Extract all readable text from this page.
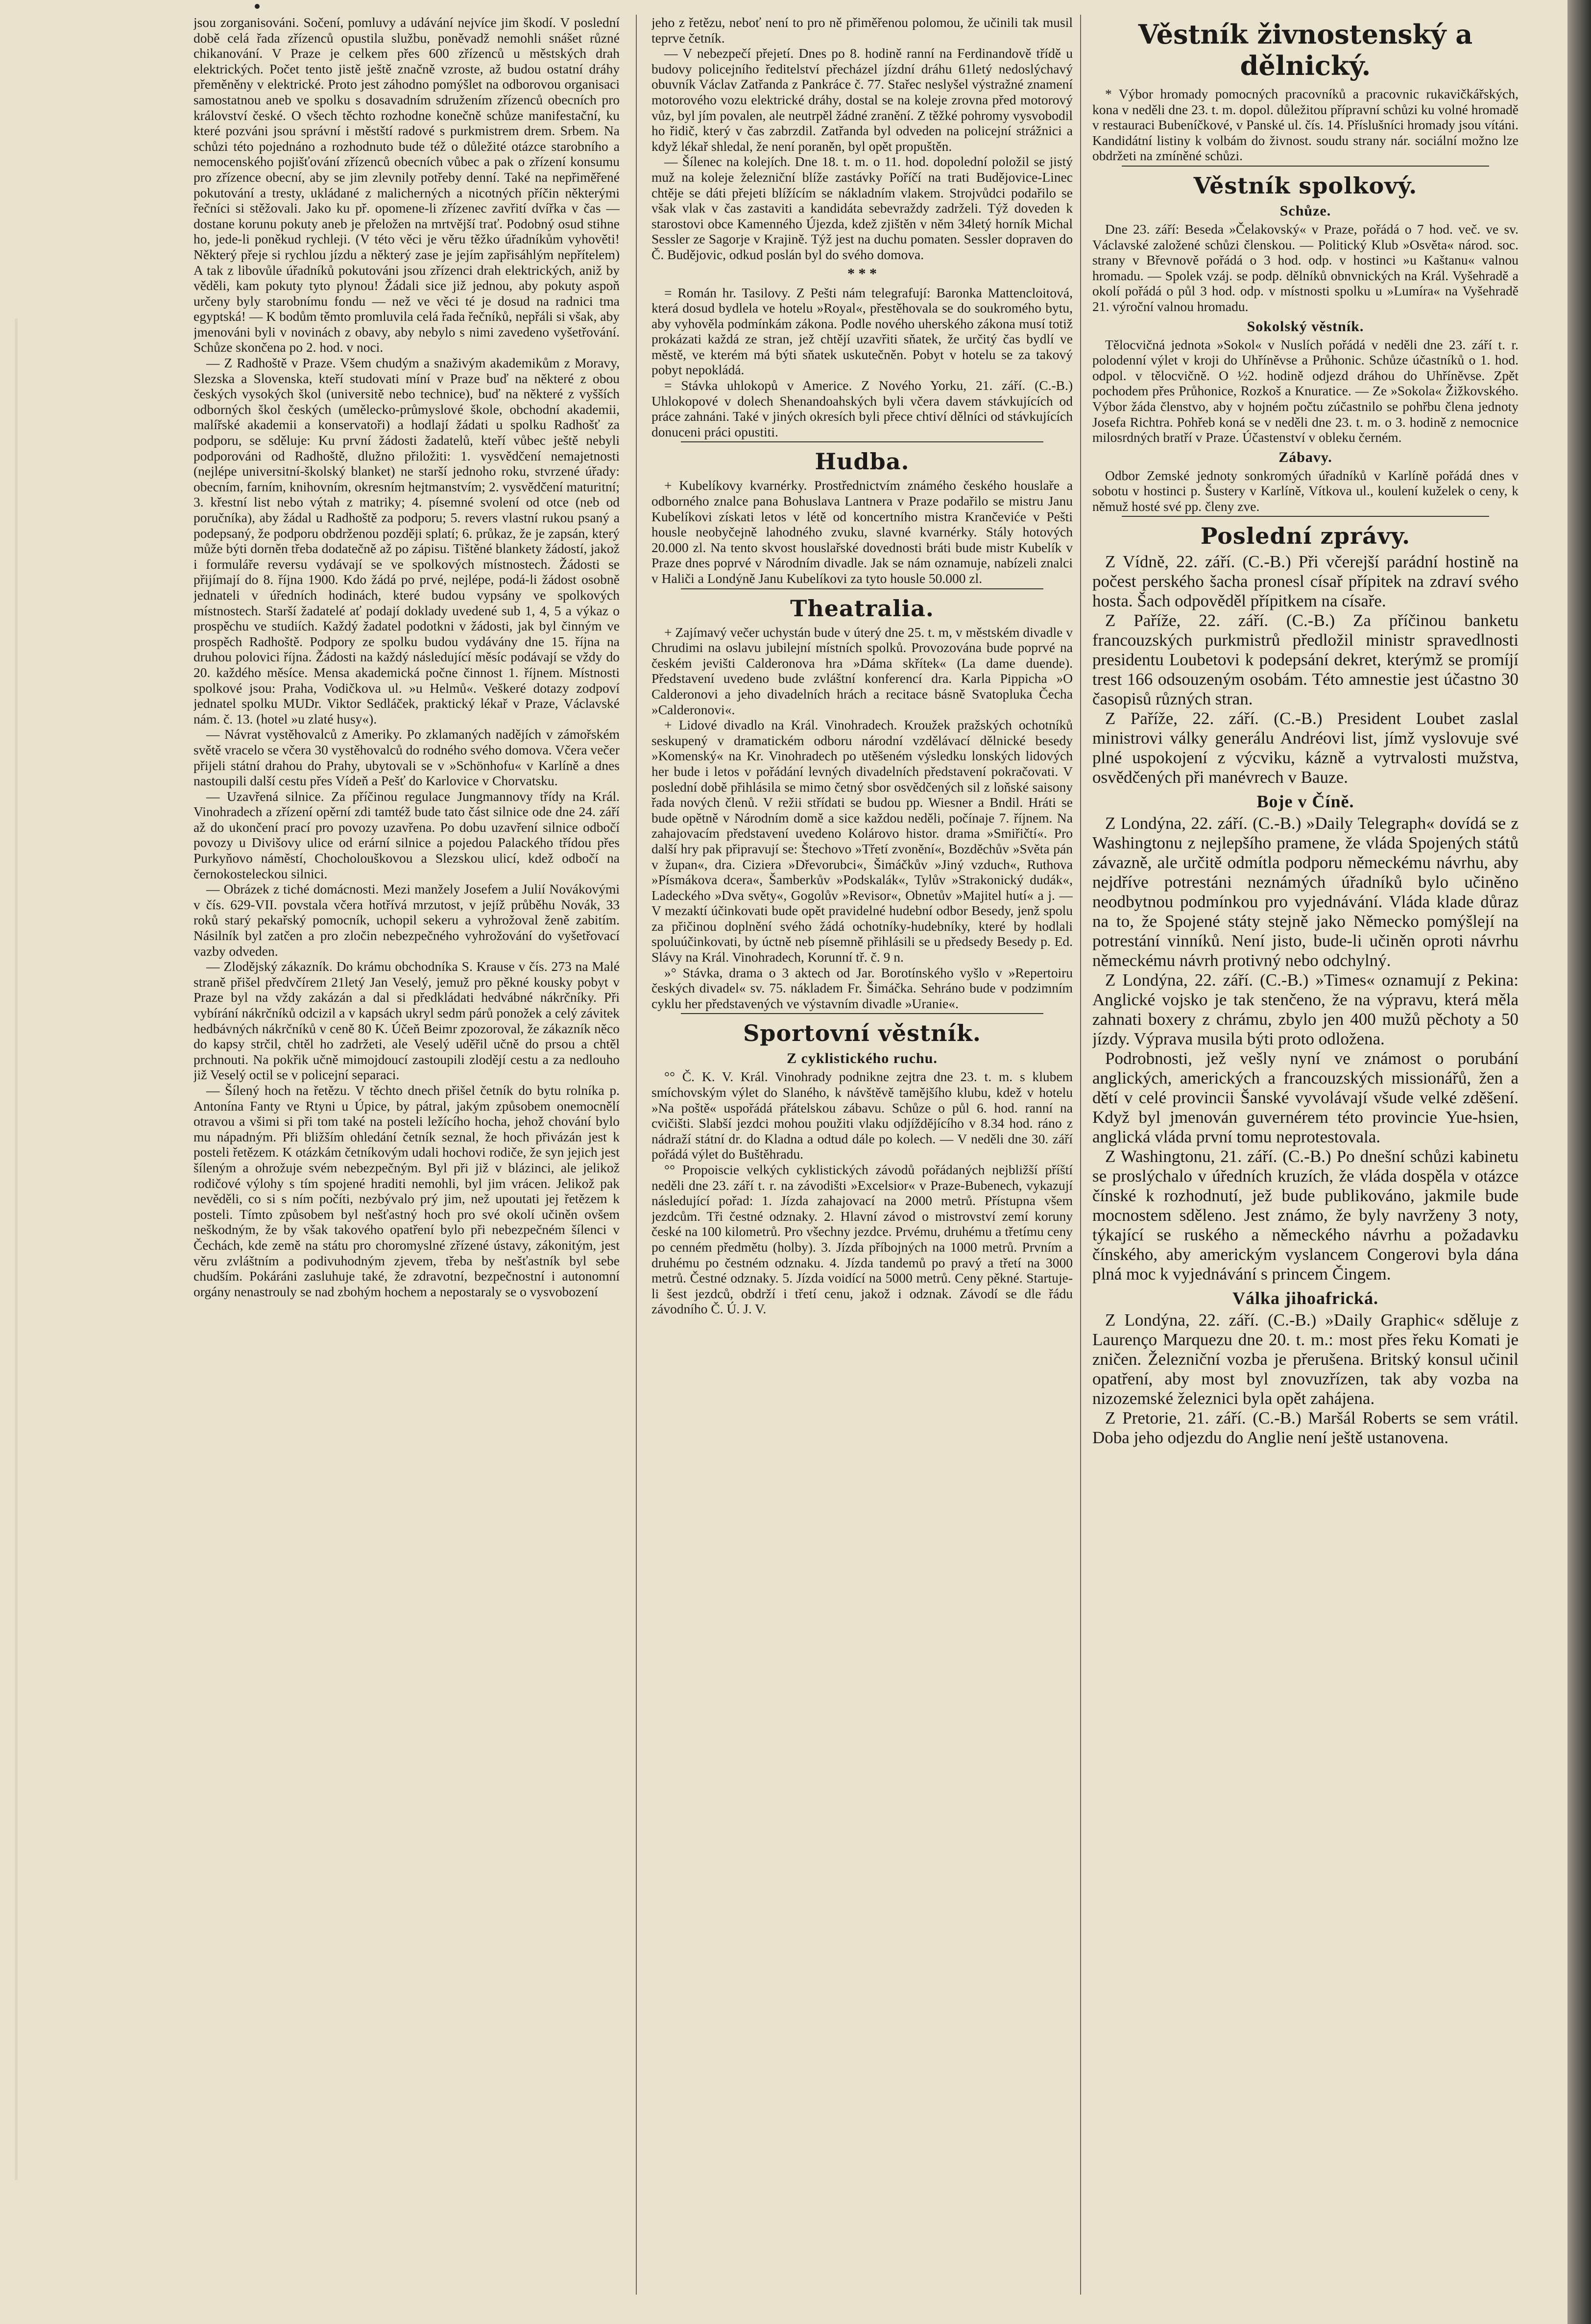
jsou zorganisováni. Sočení, pomluvy a udávání nejvíce jim škodí. V poslední době celá řada zřízenců opustila službu, poněvadž nemohli snášet různé chikanování. V Praze je celkem přes 600 zřízenců u městských drah elektrických. Počet tento jistě ještě značně vzroste, až budou ostatní dráhy přeměněny v elektrické. Proto jest záhodno pomýšlet na odborovou organisaci samostatnou aneb ve spolku s dosavadním sdružením zřízenců obecních pro království české. O všech těchto rozhodne konečně schůze manifestační, ku které pozváni jsou správní i městští radové s purkmistrem drem. Srbem. Na schůzi této pojednáno a rozhodnuto bude též o důležité otázce starobního a nemocenského pojišťování zřízenců obecních vůbec a pak o zřízení konsumu pro zřízence obecní, aby se jim zlevnily potřeby denní. Také na nepřiměřené pokutování a tresty, ukládané z malicherných a nicotných příčin některými řečníci si stěžovali. Jako ku př. opomene-li zřízenec zavřití dvířka v čas — dostane korunu pokuty aneb je přeložen na mrtvější trať. Podobný osud stihne ho, jede-li poněkud rychleji. (V této věci je věru těžko úřadníkům vyhověti! Některý přeje si rychlou jízdu a některý zase je jejím zapřisáhlým nepřítelem) A tak z libovůle úřadníků pokutováni jsou zřízenci drah elektrických, aniž by věděli, kam pokuty tyto plynou! Žádali sice již jednou, aby pokuty aspoň určeny byly starobnímu fondu — než ve věci té je dosud na radnici tma egyptská! — K bodům těmto promluvila celá řada řečníků, nepřáli si však, aby jmenováni byli v novinách z obavy, aby nebylo s nimi zavedeno vyšetřování. Schůze skončena po 2. hod. v noci.

— Z Radhoště v Praze. Všem chudým a snaživým akademikům z Moravy, Slezska a Slovenska, kteří studovati míní v Praze buď na některé z obou českých vysokých škol (universitě nebo technice), buď na některé z vyšších odborných škol českých (umělecko-průmyslové škole, obchodní akademii, malířské akademii a konservatoři) a hodlají žádati u spolku Radhošť za podporu, se sděluje: Ku první žádosti žadatelů, kteří vůbec ještě nebyli podporováni od Radhoště, dlužno přiložiti: 1. vysvědčení nemajetnosti (nejlépe universitní-školský blanket) ne starší jednoho roku, stvrzené úřady: obecním, farním, knihovním, okresním hejtmanstvím; 2. vysvědčení maturitní; 3. křestní list nebo výtah z matriky; 4. písemné svolení od otce (neb od poručníka), aby žádal u Radhoště za podporu; 5. revers vlastní rukou psaný a podepsaný, že podporu obdrženou později splatí; 6. průkaz, že je zapsán, který může býti dorněn třeba dodatečně až po zápisu. Tištěné blankety žádostí, jakož i formuláře reversu vydávají se ve spolkových místnostech. Žádosti se přijímají do 8. října 1900. Kdo žádá po prvé, nejlépe, podá-li žádost osobně jednateli v úředních hodinách, které budou vypsány ve spolkových místnostech. Starší žadatelé ať podají doklady uvedené sub 1, 4, 5 a výkaz o prospěchu ve studiích. Každý žadatel podotkni v žádosti, jak byl činným ve prospěch Radhoště. Podpory ze spolku budou vydávány dne 15. října na druhou polovici října. Žádosti na každý následující měsíc podávají se vždy do 20. každého měsíce. Mensa akademická počne činnost 1. říjnem. Místnosti spolkové jsou: Praha, Vodičkova ul. »u Helmů«. Veškeré dotazy zodpoví jednatel spolku MUDr. Viktor Sedláček, praktický lékař v Praze, Václavské nám. č. 13. (hotel »u zlaté husy«).

— Návrat vystěhovalců z Ameriky. Po zklamaných nadějích v zámořském světě vracelo se včera 30 vystěhovalců do rodného svého domova. Včera večer přijeli státní drahou do Prahy, ubytovali se v »Schönhofu« v Karlíně a dnes nastoupili další cestu přes Vídeň a Pešť do Karlovice v Chorvatsku.

— Uzavřená silnice. Za příčinou regulace Jungmannovy třídy na Král. Vinohradech a zřízení opěrní zdi tamtéž bude tato část silnice ode dne 24. září až do ukončení prací pro povozy uzavřena. Po dobu uzavření silnice odbočí povozy u Divišovy ulice od erární silnice a pojedou Palackého třídou přes Purkyňovo náměstí, Chocholouškovou a Slezskou ulicí, kdež odbočí na černokosteleckou silnici.

— Obrázek z tiché domácnosti. Mezi manžely Josefem a Julií Novákovými v čís. 629-VII. povstala včera hotřívá mrzutost, v jejíž průběhu Novák, 33 roků starý pekařský pomocník, uchopil sekeru a vyhrožoval ženě zabitím. Násilník byl zatčen a pro zločin nebezpečného vyhrožování do vyšetřovací vazby odveden.

— Zlodějský zákazník. Do krámu obchodníka S. Krause v čís. 273 na Malé straně přišel předvčírem 21letý Jan Veselý, jemuž pro pěkné kousky pobyt v Praze byl na vždy zakázán a dal si předkládati hedvábné nákrčníky. Při vybírání nákrčníků odcizil a v kapsách ukryl sedm párů ponožek a celý závitek hedbávných nákrčníků v ceně 80 K. Účeň Beimr zpozoroval, že zákazník něco do kapsy strčil, chtěl ho zadržeti, ale Veselý uděřil učně do prsou a chtěl prchnouti. Na pokřik učně mimojdoucí zastoupili zlodějí cestu a za nedlouho již Veselý octil se v policejní separaci.

— Šílený hoch na řetězu. V těchto dnech přišel četník do bytu rolníka p. Antonína Fanty ve Rtyni u Úpice, by pátral, jakým způsobem onemocnělí otravou a všimi si při tom také na posteli ležícího hocha, jehož chování bylo mu nápadným. Při bližším ohledání četník seznal, že hoch přivázán jest k posteli řetězem. K otázkám četníkovým udali hochovi rodiče, že syn jejich jest šíleným a ohrožuje svém nebezpečným. Byl při již v blázinci, ale jelikož rodičové výlohy s tím spojené hraditi nemohli, byl jim vrácen. Jelikož pak nevěděli, co si s ním počíti, nezbývalo prý jim, než upoutati jej řetězem k posteli. Tímto způsobem byl nešťastný hoch pro své okolí učiněn ovšem neškodným, že by však takového opatření bylo při nebezpečném šílenci v Čechách, kde země na státu pro choromyslné zřízené ústavy, zákonitým, jest věru zvláštním a podivuhodným zjevem, třeba by nešťastník byl sebe chudším. Pokáráni zasluhuje také, že zdravotní, bezpečnostní i autonomní orgány nenastrouly se nad zbohým hochem a nepostaraly se o vysvobození

jeho z řetězu, neboť není to pro ně přiměřenou polomou, že učinili tak musil teprve četník.

— V nebezpečí přejetí. Dnes po 8. hodině ranní na Ferdinandově třídě u budovy policejního ředitelství přecházel jízdní dráhu 61letý nedoslýchavý obuvník Václav Zatřanda z Pankráce č. 77. Stařec neslyšel výstražné znamení motorového vozu elektrické dráhy, dostal se na koleje zrovna před motorový vůz, byl jím povalen, ale neutrpěl žádné zranění. Z těžké pohromy vysvobodil ho řidič, který v čas zabrzdil. Zatřanda byl odveden na policejní strážnici a když lékař shledal, že není poraněn, byl opět propuštěn.

— Šílenec na kolejích. Dne 18. t. m. o 11. hod. dopolední položil se jistý muž na koleje železniční blíže zastávky Poříčí na trati Budějovice-Linec chtěje se dáti přejeti blížícím se nákladním vlakem. Strojvůdci podařilo se však vlak v čas zastaviti a kandidáta sebevraždy zadrželi. Týž doveden k starostovi obce Kamenného Újezda, kdež zjištěn v něm 34letý horník Michal Sessler ze Sagorje v Krajině. Týž jest na duchu pomaten. Sessler dopraven do Č. Budějovic, odkud poslán byl do svého domova.

* * *

= Román hr. Tasilovy. Z Pešti nám telegrafují: Baronka Mattencloitová, která dosud bydlela ve hotelu »Royal«, přestěhovala se do soukromého bytu, aby vyhověla podmínkám zákona. Podle nového uherského zákona musí totiž prokázati každá ze stran, jež chtějí uzavřiti sňatek, že určitý čas bydlí ve městě, ve kterém má býti sňatek uskutečněn. Pobyt v hotelu se za takový pobyt nepokládá.

= Stávka uhlokopů v Americe. Z Nového Yorku, 21. září. (C.-B.) Uhlokopové v dolech Shenandoahských byli včera davem stávkujících od práce zahnáni. Také v jiných okresích byli přece chtiví dělníci od stávkujících donuceni práci opustiti.

Hudba.

+ Kubelíkovy kvarnérky. Prostřednictvím známého českého houslaře a odborného znalce pana Bohuslava Lantnera v Praze podařilo se mistru Janu Kubelíkovi získati letos v létě od koncertního mistra Krančeviće v Pešti housle neobyčejně lahodného zvuku, slavné kvarnérky. Stály hotových 20.000 zl. Na tento skvost houslařské dovednosti bráti bude mistr Kubelík v Praze dnes poprvé v Národním divadle. Jak se nám oznamuje, nabízeli znalci v Haliči a Londýně Janu Kubelíkovi za tyto housle 50.000 zl.

Theatralia.

+ Zajímavý večer uchystán bude v úterý dne 25. t. m, v městském divadle v Chrudimi na oslavu jubilejní místních spolků. Provozována bude poprvé na českém jevišti Calderonova hra »Dáma skřítek« (La dame duende). Představení uvedeno bude zvláštní konferencí dra. Karla Pippicha »O Calderonovi a jeho divadelních hrách a recitace básně Svatopluka Čecha »Calderonovi«.

+ Lidové divadlo na Král. Vinohradech. Kroužek pražských ochotníků seskupený v dramatickém odboru národní vzdělávací dělnické besedy »Komenský« na Kr. Vinohradech po utěšeném výsledku lonských lidových her bude i letos v pořádání levných divadelních představení pokračovati. V poslední době přihlásila se mimo četný sbor osvědčených sil z loňské saisony řada nových členů. V režii střídati se budou pp. Wiesner a Bndil. Hráti se bude opětně v Národním domě a sice každou neděli, počínaje 7. říjnem. Na zahajovacím představení uvedeno Kolárovo histor. drama »Smiřičtí«. Pro další hry pak připravují se: Štechovo »Třetí zvonění«, Bozděchův »Světa pán v župan«, dra. Ciziera »Dřevorubci«, Šimáčkův »Jiný vzduch«, Ruthova »Písmákova dcera«, Šamberkův »Podskalák«, Tylův »Strakonický dudák«, Ladeckého »Dva světy«, Gogolův »Revisor«, Obnetův »Majitel hutí« a j. — V mezaktí účinkovati bude opět pravidelné hudební odbor Besedy, jenž spolu za přičinou doplnění svého žádá ochotníky-hudebníky, které by hodlali spoluúčinkovati, by úctně neb písemně přihlásili se u předsedy Besedy p. Ed. Slávy na Král. Vinohradech, Korunní tř. č. 9 n.

»° Stávka, drama o 3 aktech od Jar. Borotínského vyšlo v »Repertoiru českých divadel« sv. 75. nákladem Fr. Šimáčka. Sehráno bude v podzimním cyklu her představených ve výstavním divadle »Uranie«.

Sportovní věstník.
Z cyklistického ruchu.

°° Č. K. V. Král. Vinohrady podnikne zejtra dne 23. t. m. s klubem smíchovským výlet do Slaného, k návštěvě tamějšího klubu, kdež v hotelu »Na poště« uspořádá přátelskou zábavu. Schůze o půl 6. hod. ranní na cvičišti. Slabší jezdci mohou použiti vlaku odjíždějícího v 8.34 hod. ráno z nádraží státní dr. do Kladna a odtud dále po kolech. — V neděli dne 30. září pořádá výlet do Buštěhradu.

°° Propoiscie velkých cyklistických závodů pořádaných nejbližší příští neděli dne 23. září t. r. na závodišti »Excelsior« v Praze-Bubenech, vykazují následující pořad: 1. Jízda zahajovací na 2000 metrů. Přístupna všem jezdcům. Tři čestné odznaky. 2. Hlavní závod o mistrovství zemí koruny české na 100 kilometrů. Pro všechny jezdce. Prvému, druhému a třetímu ceny po cenném předmětu (holby). 3. Jízda příbojných na 1000 metrů. Prvním a druhému po čestném odznaku. 4. Jízda tandemů po pravý a třetí na 3000 metrů. Čestné odznaky. 5. Jízda voidící na 5000 metrů. Ceny pěkné. Startuje-li šest jezdců, obdrží i třetí cenu, jakož i odznak. Závodí se dle řádu závodního Č. Ú. J. V.

Věstník živnostenský a dělnický.

* Výbor hromady pomocných pracovníků a pracovnic rukavičkářských, kona v neděli dne 23. t. m. dopol. důležitou přípravní schůzi ku volné hromadě v restauraci Bubeníčkové, v Panské ul. čís. 14. Příslušníci hromady jsou vítáni. Kandidátní listiny k volbám do živnost. soudu strany nár. sociální možno lze obdržeti na zmíněné schůzi.

Věstník spolkový.
Schůze.

Dne 23. září: Beseda »Čelakovský« v Praze, pořádá o 7 hod. več. ve sv. Václavské založené schůzi členskou. — Politický Klub »Osvěta« národ. soc. strany v Břevnově pořádá o 3 hod. odp. v hostinci »u Kaštanu« valnou hromadu. — Spolek vzáj. se podp. dělníků obnvnických na Král. Vyšehradě a okolí pořádá o půl 3 hod. odp. v místnosti spolku u »Lumíra« na Vyšehradě 21. výroční valnou hromadu.

Sokolský věstník.

Tělocvičná jednota »Sokol« v Nuslích pořádá v neděli dne 23. září t. r. polodenní výlet v kroji do Uhříněvse a Průhonic. Schůze účastníků o 1. hod. odpol. v tělocvičně. O ½2. hodině odjezd dráhou do Uhříněvse. Zpět pochodem přes Průhonice, Rozkoš a Knuratice. — Ze »Sokola« Žižkovského. Výbor žáda členstvo, aby v hojném počtu zúčastnilo se pohřbu člena jednoty Josefa Richtra. Pohřeb koná se v neděli dne 23. t. m. o 3. hodině z nemocnice milosrdných bratří v Praze. Účastenství v obleku černém.

Zábavy.

Odbor Zemské jednoty sonkromých úřadníků v Karlíně pořádá dnes v sobotu v hostinci p. Šustery v Karlíně, Vítkova ul., koulení kuželek o ceny, k němuž hosté své pp. členy zve.

Poslední zprávy.

Z Vídně, 22. září. (C.-B.) Při včerejší parádní hostině na počest perského šacha pronesl císař přípitek na zdraví svého hosta. Šach odpověděl přípitkem na císaře.

Z Paříže, 22. září. (C.-B.) Za příčinou banketu francouzských purkmistrů předložil ministr spravedlnosti presidentu Loubetovi k podepsání dekret, kterýmž se promíjí trest 166 odsouzeným osobám. Této amnestie jest účastno 30 časopisů různých stran.

Z Paříže, 22. září. (C.-B.) President Loubet zaslal ministrovi války generálu Andréovi list, jímž vyslovuje své plné uspokojení z výcviku, kázně a vytrvalosti mužstva, osvědčených při manévrech v Bauze.

Boje v Číně.

Z Londýna, 22. září. (C.-B.) »Daily Telegraph« dovídá se z Washingtonu z nejlepšího pramene, že vláda Spojených států závazně, ale určitě odmítla podporu německému návrhu, aby nejdříve potrestáni neznámých úřadníků bylo učiněno neodbytnou podmínkou pro vyjednávání. Vláda klade důraz na to, že Spojené státy stejně jako Německo pomýšlejí na potrestání vinníků. Není jisto, bude-li učiněn oproti návrhu německému návrh protivný nebo odchylný.

Z Londýna, 22. září. (C.-B.) »Times« oznamují z Pekina: Anglické vojsko je tak stenčeno, že na výpravu, která měla zahnati boxery z chrámu, zbylo jen 400 mužů pěchoty a 50 jízdy. Výprava musila býti proto odložena.

Podrobnosti, jež vešly nyní ve známost o porubání anglických, amerických a francouzských missionářů, žen a dětí v celé provincii Šanské vyvolávají všude velké zděšení. Když byl jmenován guvernérem této provincie Yue-hsien, anglická vláda první tomu neprotestovala.

Z Washingtonu, 21. září. (C.-B.) Po dnešní schůzi kabinetu se proslýchalo v úředních kruzích, že vláda dospěla v otázce čínské k rozhodnutí, jež bude publikováno, jakmile bude mocnostem sděleno. Jest známo, že byly navrženy 3 noty, týkající se ruského a německého návrhu a požadavku čínského, aby americkým vyslancem Congerovi byla dána plná moc k vyjednávání s princem Čingem.

Válka jihoafrická.

Z Londýna, 22. září. (C.-B.) »Daily Graphic« sděluje z Laurenço Marquezu dne 20. t. m.: most přes řeku Komati je zničen. Železniční vozba je přerušena. Britský konsul učinil opatření, aby most byl znovuzřízen, tak aby vozba na nizozemské železnici byla opět zahájena.

Z Pretorie, 21. září. (C.-B.) Maršál Roberts se sem vrátil. Doba jeho odjezdu do Anglie není ještě ustanovena.
